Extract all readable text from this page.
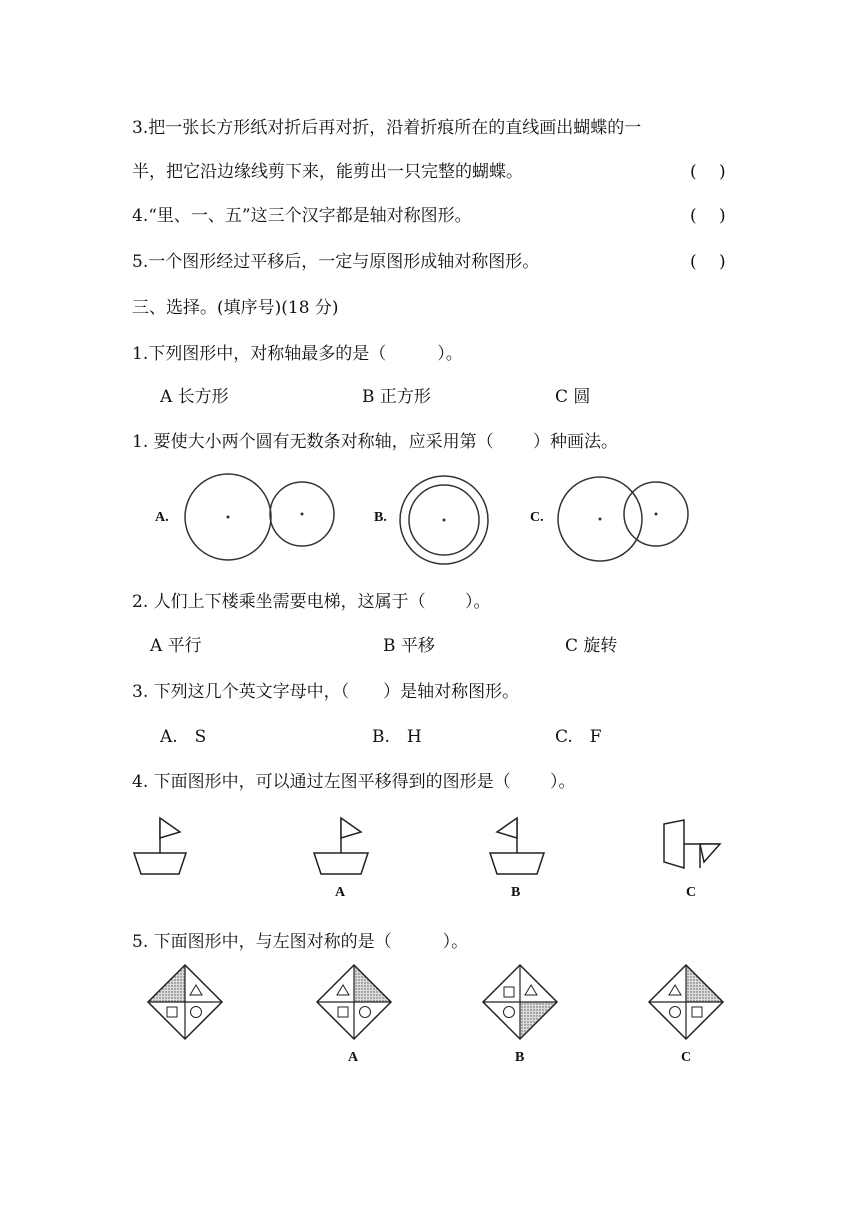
3.把一张长方形纸对折后再对折，沿着折痕所在的直线画出蝴蝶的一
半，把它沿边缘线剪下来，能剪出一只完整的蝴蝶。	(　 )
4.“里、一、五”这三个汉字都是轴对称图形。	(　 )
5.一个图形经过平移后，一定与原图形成轴对称图形。	(　 )
三、选择。(填序号)(18 分)
1.下列图形中，对称轴最多的是（　　　）。
A 长方形	B 正方形	C 圆
1. 要使大小两个圆有无数条对称轴，应采用第（　　 ）种画法。
A.	B.	C.
2. 人们上下楼乘坐需要电梯，这属于（　　 ）。
A 平行	B 平移	C 旋转
3. 下列这几个英文字母中，（　　）是轴对称图形。
A.　S	B.　H	C.　F
4. 下面图形中，可以通过左图平移得到的图形是（　　 ）。
A	B	C
5. 下面图形中，与左图对称的是（　　　）。
A	B	C
